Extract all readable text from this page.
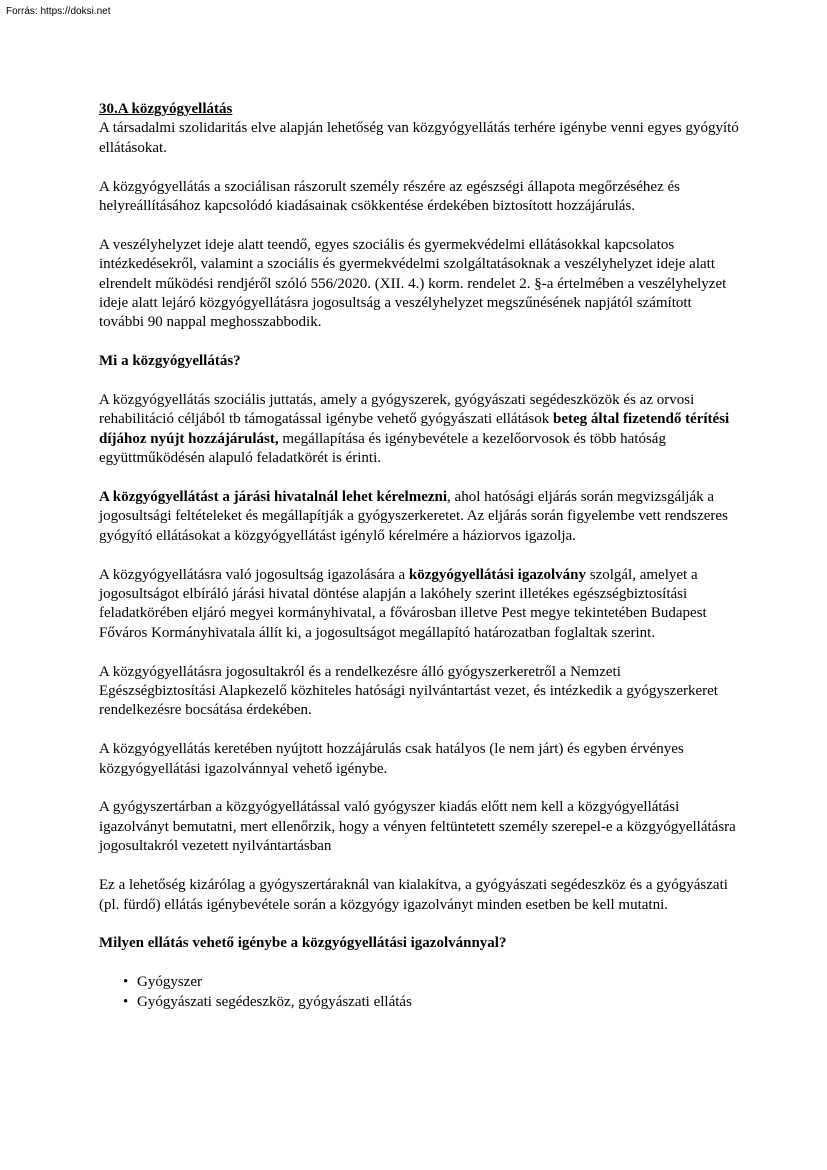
Forrás: https://doksi.net

30.A közgyógyellátás

A társadalmi szolidaritás elve alapján lehetőség van közgyógyellátás terhére igénybe venni egyes gyógyító ellátásokat.

A közgyógyellátás a szociálisan rászorult személy részére az egészségi állapota megőrzéséhez és helyreállításához kapcsolódó kiadásainak csökkentése érdekében biztosított hozzájárulás.

A veszélyhelyzet ideje alatt teendő, egyes szociális és gyermekvédelmi ellátásokkal kapcsolatos intézkedésekről, valamint a szociális és gyermekvédelmi szolgáltatásoknak a veszélyhelyzet ideje alatt elrendelt működési rendjéről szóló 556/2020. (XII. 4.) korm. rendelet 2. §-a értelmében a veszélyhelyzet ideje alatt lejáró közgyógyellátásra jogosultság a veszélyhelyzet megszűnésének napjától számított további 90 nappal meghosszabbodik.

Mi a közgyógyellátás?

A közgyógyellátás szociális juttatás, amely a gyógyszerek, gyógyászati segédeszközök és az orvosi rehabilitáció céljából tb támogatással igénybe vehető gyógyászati ellátások beteg által fizetendő térítési díjához nyújt hozzájárulást, megállapítása és igénybevétele a kezelőorvosok és több hatóság együttműködésén alapuló feladatkörét is érinti.

A közgyógyellátást a járási hivatalnál lehet kérelmezni, ahol hatósági eljárás során megvizsgálják a jogosultsági feltételeket és megállapítják a gyógyszerkeretet. Az eljárás során figyelembe vett rendszeres gyógyító ellátásokat a közgyógyellátást igénylő kérelmére a háziorvos igazolja.

A közgyógyellátásra való jogosultság igazolására a közgyógyellátási igazolvány szolgál, amelyet a jogosultságot elbíráló járási hivatal döntése alapján a lakóhely szerint illetékes egészségbiztosítási feladatkörében eljáró megyei kormányhivatal, a fővárosban illetve Pest megye tekintetében Budapest Főváros Kormányhivatala állít ki, a jogosultságot megállapító határozatban foglaltak szerint.

A közgyógyellátásra jogosultakról és a rendelkezésre álló gyógyszerkeretről a Nemzeti Egészségbiztosítási Alapkezelő közhiteles hatósági nyilvántartást vezet, és intézkedik a gyógyszerkeret rendelkezésre bocsátása érdekében.

A közgyógyellátás keretében nyújtott hozzájárulás csak hatályos (le nem járt) és egyben érvényes közgyógyellátási igazolvánnyal vehető igénybe.

A gyógyszertárban a közgyógyellátással való gyógyszer kiadás előtt nem kell a közgyógyellátási igazolványt bemutatni, mert ellenőrzik, hogy a vényen feltüntetett személy szerepel-e a közgyógyellátásra jogosultakról vezetett nyilvántartásban

Ez a lehetőség kizárólag a gyógyszertáraknál van kialakítva, a gyógyászati segédeszköz és a gyógyászati (pl. fürdő) ellátás igénybevétele során a közgyógy igazolványt minden esetben be kell mutatni.

Milyen ellátás vehető igénybe a közgyógyellátási igazolvánnyal?

• Gyógyszer
• Gyógyászati segédeszköz, gyógyászati ellátás
